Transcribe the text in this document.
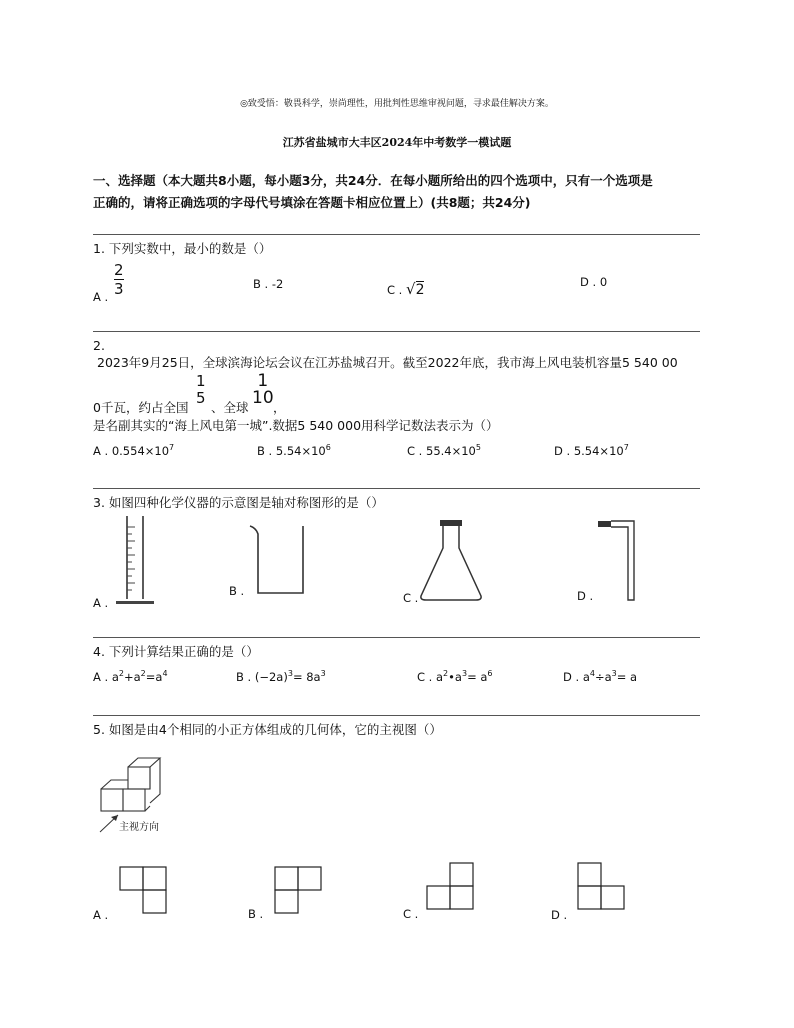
◎致受悟：敬畏科学，崇尚理性，用批判性思维审视问题，寻求最佳解决方案。
江苏省盐城市大丰区2024年中考数学一模试题
一、选择题（本大题共8小题，每小题3分，共24分．在每小题所给出的四个选项中，只有一个选项是
正确的，请将正确选项的字母代号填涂在答题卡相应位置上）(共8题；共24分)
1. 下列实数中，最小的数是（）
A .
2
3	B . -2	C . √2	D . 0
2.
2023年9月25日，全球滨海论坛会议在江苏盐城召开。截至2022年底，我市海上风电装机容量5 540 00
0千瓦，约占全国
1
5
、全球
1
10 ，
是名副其实的“海上风电第一城”.数据5 540 000用科学记数法表示为（）
A . $0.554\times 10^7$	B . $5.54\times 10^6$	C . $55.4\times 10^5$	D . $5.54\times 10^7$
3. 如图四种化学仪器的示意图是轴对称图形的是（）
A .
B .	C .	D .
4. 下列计算结果正确的是（）
A . $a^2+a^2=a^4$	B . $(-2a)^3= 8a^3$	C . $a^2•a^3= a^6$	D . $a^4\div a^3= a$
5. 如图是由4个相同的小正方体组成的几何体，它的主视图（）
主视方向
A .	B .	C .	D .
